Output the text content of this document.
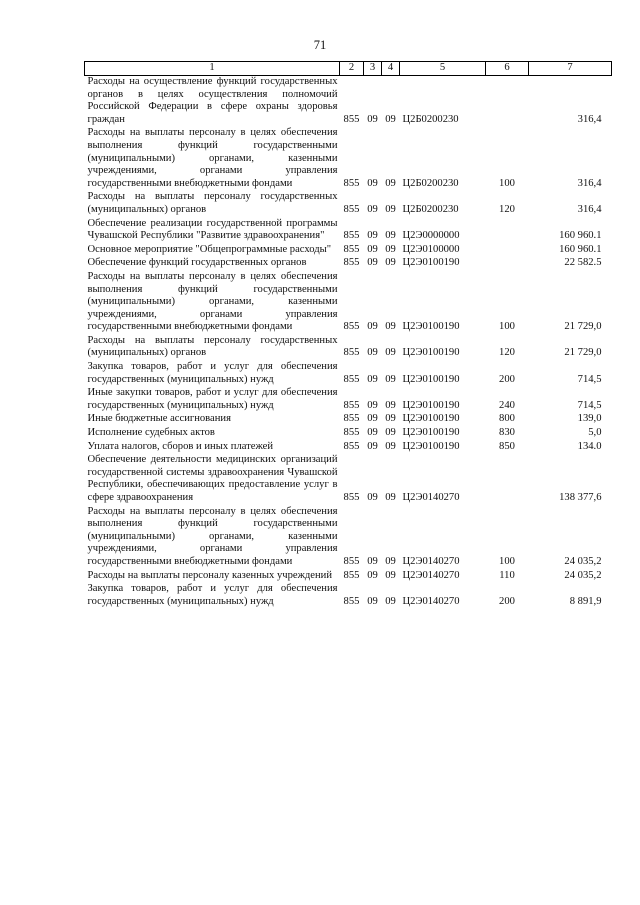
71
1	2	3	4	5	6	7
Расходы на осуществление функций государственных органов в целях осуществления полномочий Российской Федерации в сфере охраны здоровья граждан	855	09	09	Ц2Б0200230		316,4
Расходы на выплаты персоналу в целях обеспечения выполнения функций государственными (муниципальными) органами, казенными учреждениями, органами управления государственными внебюджетными фондами	855	09	09	Ц2Б0200230	100	316,4
Расходы на выплаты персоналу государственных (муниципальных) органов	855	09	09	Ц2Б0200230	120	316,4
Обеспечение реализации государственной программы Чувашской Республики "Развитие здравоохранения"	855	09	09	Ц2Э0000000		160 960.1
Основное мероприятие "Общепрограммные расходы"	855	09	09	Ц2Э0100000		160 960.1
Обеспечение функций государственных органов	855	09	09	Ц2Э0100190		22 582.5
Расходы на выплаты персоналу в целях обеспечения выполнения функций государственными (муниципальными) органами, казенными учреждениями, органами управления государственными внебюджетными фондами	855	09	09	Ц2Э0100190	100	21 729,0
Расходы на выплаты персоналу государственных (муниципальных) органов	855	09	09	Ц2Э0100190	120	21 729,0
Закупка товаров, работ и услуг для обеспечения государственных (муниципальных) нужд	855	09	09	Ц2Э0100190	200	714,5
Иные закупки товаров, работ и услуг для обеспечения государственных (муниципальных) нужд	855	09	09	Ц2Э0100190	240	714,5
Иные бюджетные ассигнования	855	09	09	Ц2Э0100190	800	139,0
Исполнение судебных актов	855	09	09	Ц2Э0100190	830	5,0
Уплата налогов, сборов и иных платежей	855	09	09	Ц2Э0100190	850	134.0
Обеспечение деятельности медицинских организаций государственной системы здравоохранения Чувашской Республики, обеспечивающих предоставление услуг в сфере здравоохранения	855	09	09	Ц2Э0140270		138 377,6
Расходы на выплаты персоналу в целях обеспечения выполнения функций государственными (муниципальными) органами, казенными учреждениями, органами управления государственными внебюджетными фондами	855	09	09	Ц2Э0140270	100	24 035,2
Расходы на выплаты персоналу казенных учреждений	855	09	09	Ц2Э0140270	110	24 035,2
Закупка товаров, работ и услуг для обеспечения государственных (муниципальных) нужд	855	09	09	Ц2Э0140270	200	8 891,9
